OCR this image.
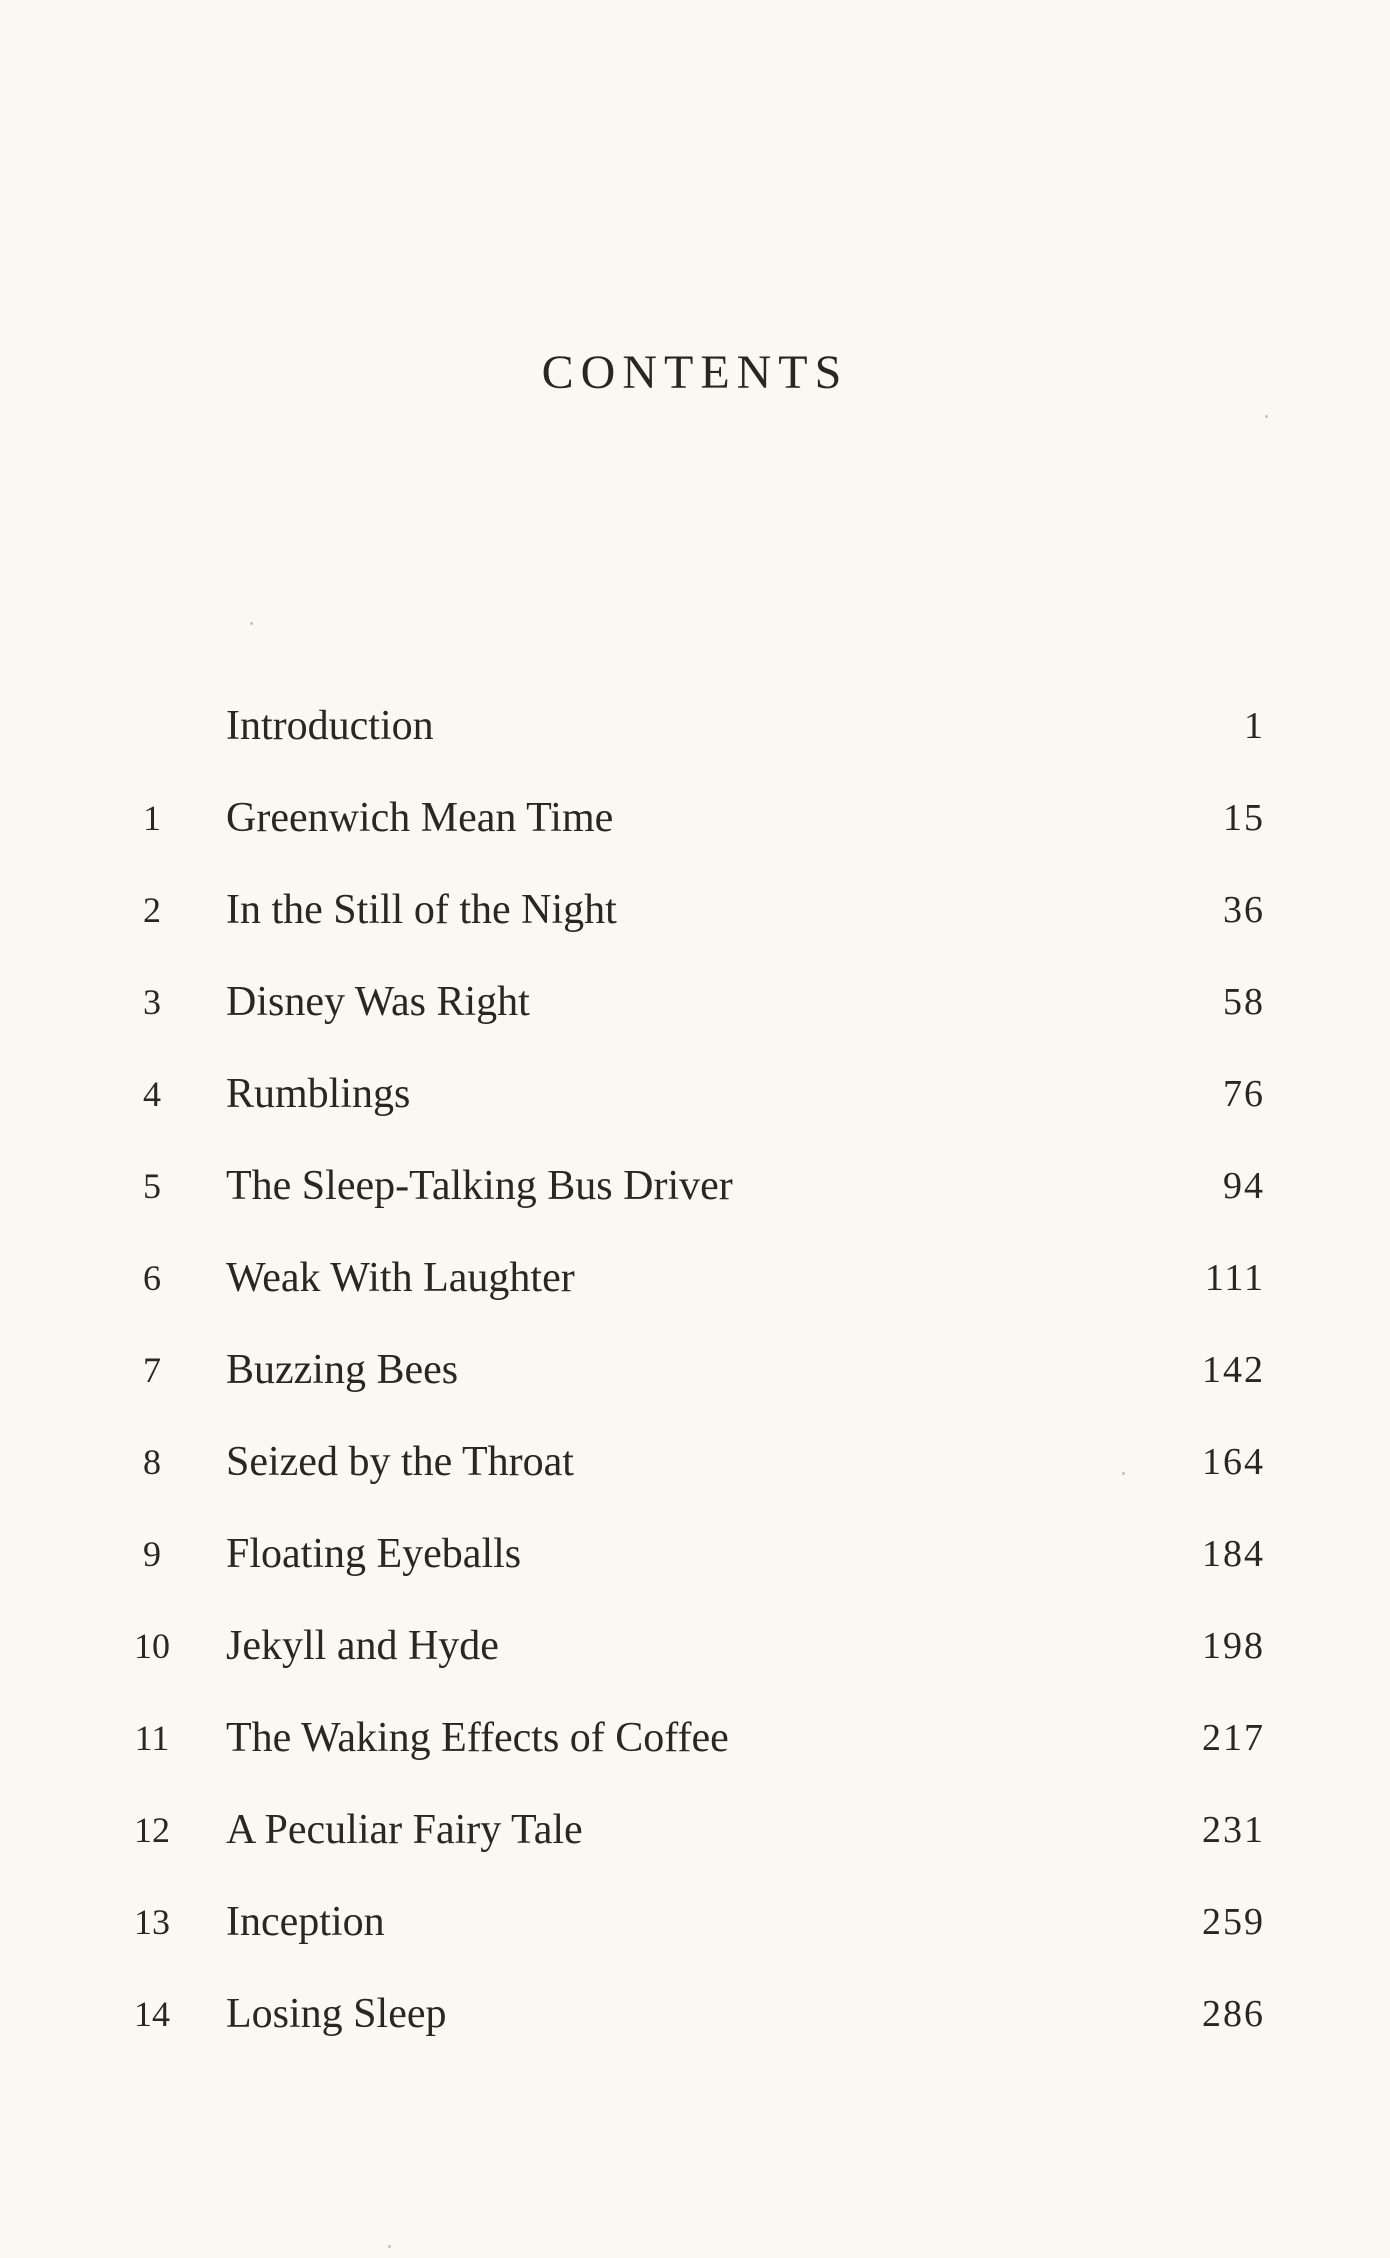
CONTENTS
Introduction	1
1	Greenwich Mean Time	15
2	In the Still of the Night	36
3	Disney Was Right	58
4	Rumblings	76
5	The Sleep-Talking Bus Driver	94
6	Weak With Laughter	111
7	Buzzing Bees	142
8	Seized by the Throat	164
9	Floating Eyeballs	184
10	Jekyll and Hyde	198
11	The Waking Effects of Coffee	217
12	A Peculiar Fairy Tale	231
13	Inception	259
14	Losing Sleep	286
